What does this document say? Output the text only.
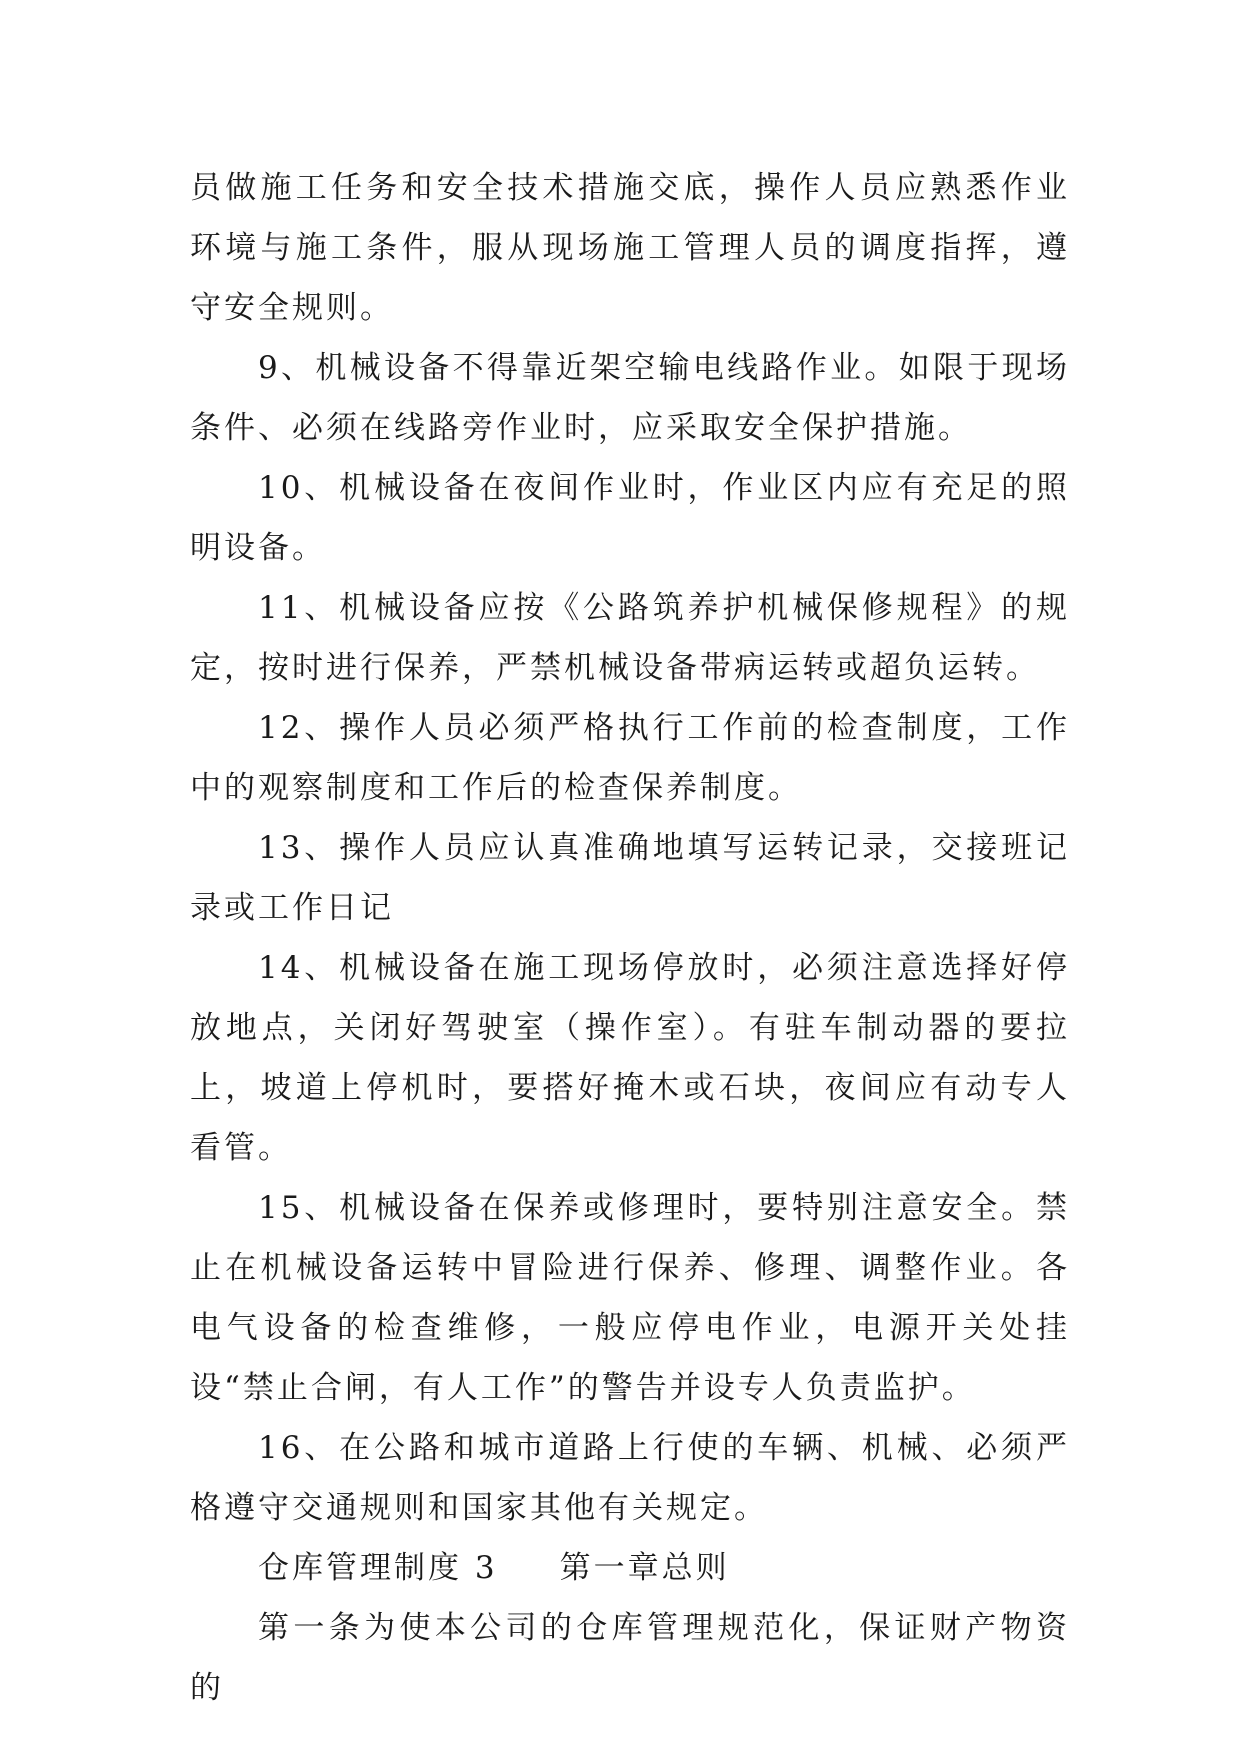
员做施工任务和安全技术措施交底，操作人员应熟悉作业环境与施工条件，服从现场施工管理人员的调度指挥，遵守安全规则。

9、机械设备不得靠近架空输电线路作业。如限于现场条件、必须在线路旁作业时，应采取安全保护措施。

10、机械设备在夜间作业时，作业区内应有充足的照明设备。

11、机械设备应按《公路筑养护机械保修规程》的规定，按时进行保养，严禁机械设备带病运转或超负运转。

12、操作人员必须严格执行工作前的检查制度，工作中的观察制度和工作后的检查保养制度。

13、操作人员应认真准确地填写运转记录，交接班记录或工作日记

14、机械设备在施工现场停放时，必须注意选择好停放地点，关闭好驾驶室（操作室）。有驻车制动器的要拉上，坡道上停机时，要搭好掩木或石块，夜间应有动专人看管。

15、机械设备在保养或修理时，要特别注意安全。禁止在机械设备运转中冒险进行保养、修理、调整作业。各电气设备的检查维修，一般应停电作业，电源开关处挂设“禁止合闸，有人工作”的警告并设专人负责监护。

16、在公路和城市道路上行使的车辆、机械、必须严格遵守交通规则和国家其他有关规定。

仓库管理制度 3 第一章总则

第一条为使本公司的仓库管理规范化，保证财产物资的
